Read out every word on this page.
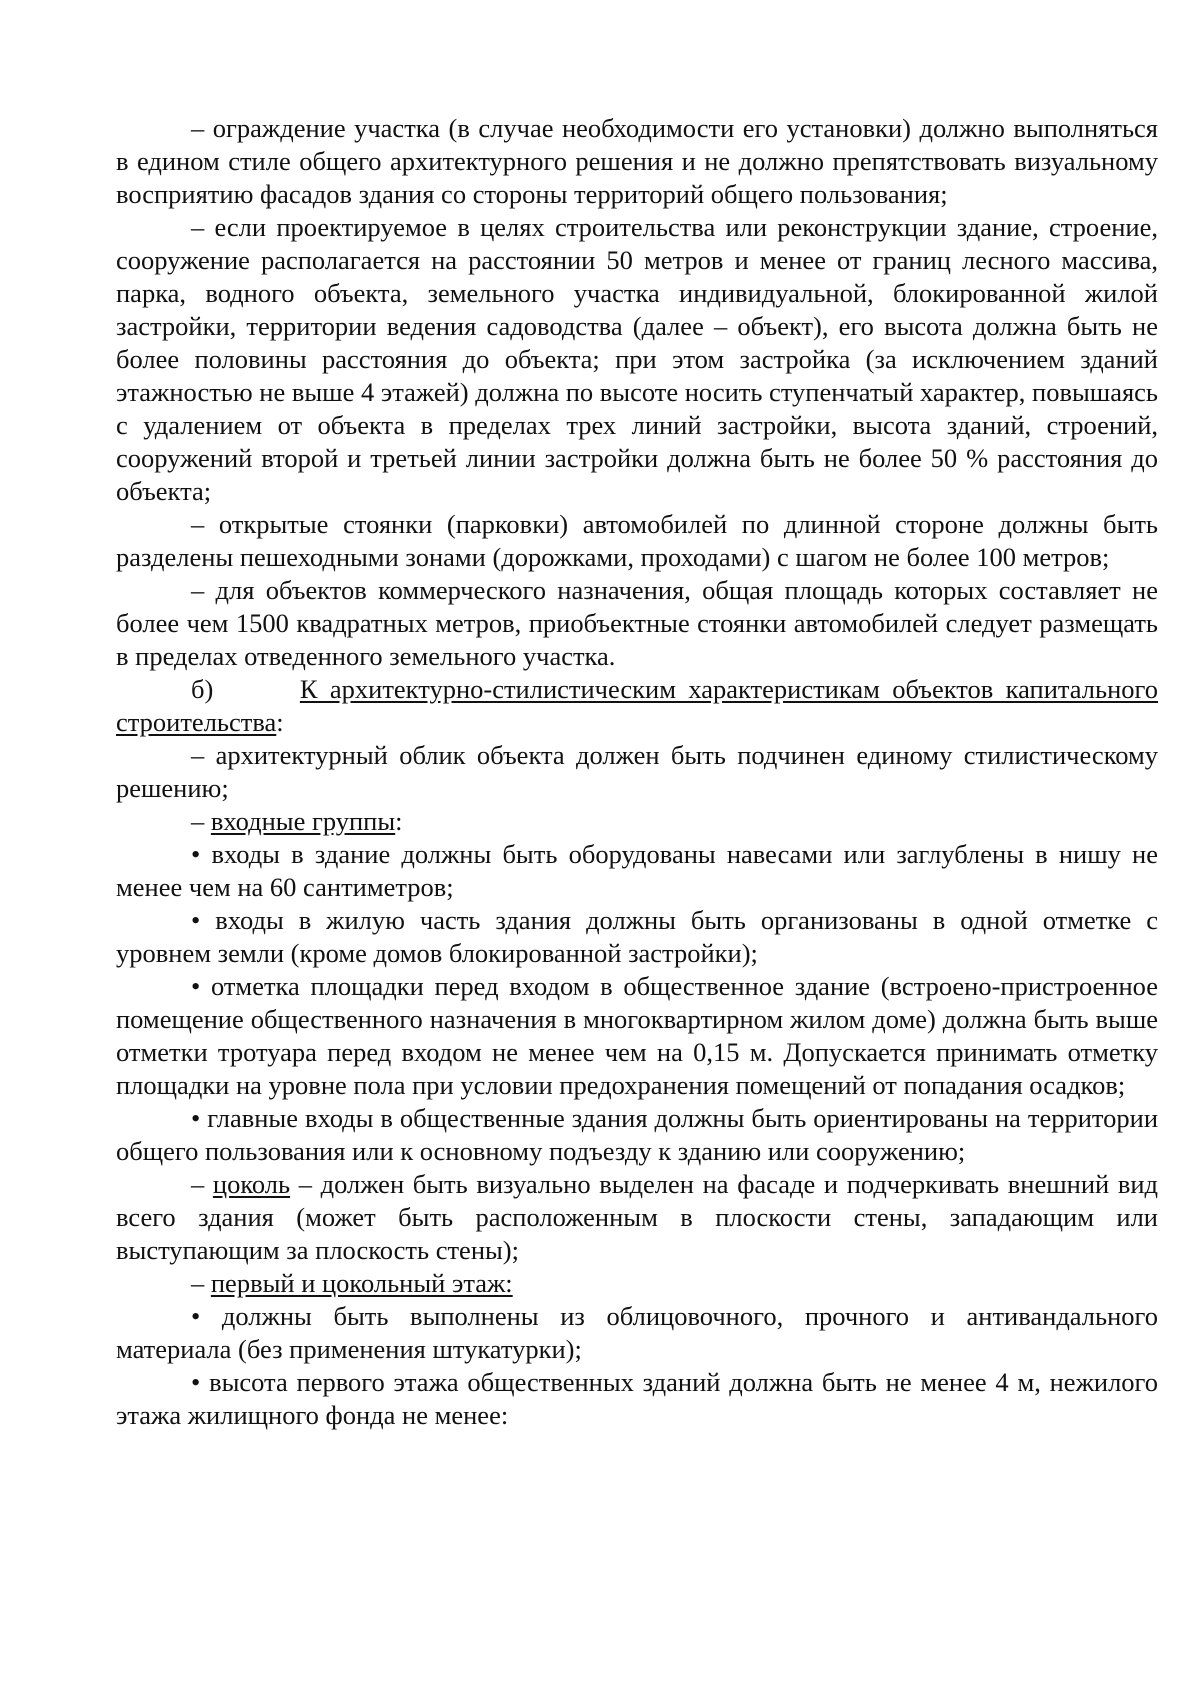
– ограждение участка (в случае необходимости его установки) должно выполняться в едином стиле общего архитектурного решения и не должно препятствовать визуальному восприятию фасадов здания со стороны территорий общего пользования;

– если проектируемое в целях строительства или реконструкции здание, строение, сооружение располагается на расстоянии 50 метров и менее от границ лесного массива, парка, водного объекта, земельного участка индивидуальной, блокированной жилой застройки, территории ведения садоводства (далее – объект), его высота должна быть не более половины расстояния до объекта; при этом застройка (за исключением зданий этажностью не выше 4 этажей) должна по высоте носить ступенчатый характер, повышаясь с удалением от объекта в пределах трех линий застройки, высота зданий, строений, сооружений второй и третьей линии застройки должна быть не более 50 % расстояния до объекта;

– открытые стоянки (парковки) автомобилей по длинной стороне должны быть разделены пешеходными зонами (дорожками, проходами) с шагом не более 100 метров;

– для объектов коммерческого назначения, общая площадь которых составляет не более чем 1500 квадратных метров, приобъектные стоянки автомобилей следует размещать в пределах отведенного земельного участка.

б)	К архитектурно-стилистическим характеристикам объектов капитального строительства:

– архитектурный облик объекта должен быть подчинен единому стилистическому решению;

– входные группы:

• входы в здание должны быть оборудованы навесами или заглублены в нишу не менее чем на 60 сантиметров;

• входы в жилую часть здания должны быть организованы в одной отметке с уровнем земли (кроме домов блокированной застройки);

• отметка площадки перед входом в общественное здание (встроено-пристроенное помещение общественного назначения в многоквартирном жилом доме) должна быть выше отметки тротуара перед входом не менее чем на 0,15 м. Допускается принимать отметку площадки на уровне пола при условии предохранения помещений от попадания осадков;

• главные входы в общественные здания должны быть ориентированы на территории общего пользования или к основному подъезду к зданию или сооружению;

– цоколь – должен быть визуально выделен на фасаде и подчеркивать внешний вид всего здания (может быть расположенным в плоскости стены, западающим или выступающим за плоскость стены);

– первый и цокольный этаж:

• должны быть выполнены из облицовочного, прочного и антивандального материала (без применения штукатурки);

• высота первого этажа общественных зданий должна быть не менее 4 м, нежилого этажа жилищного фонда не менее:
